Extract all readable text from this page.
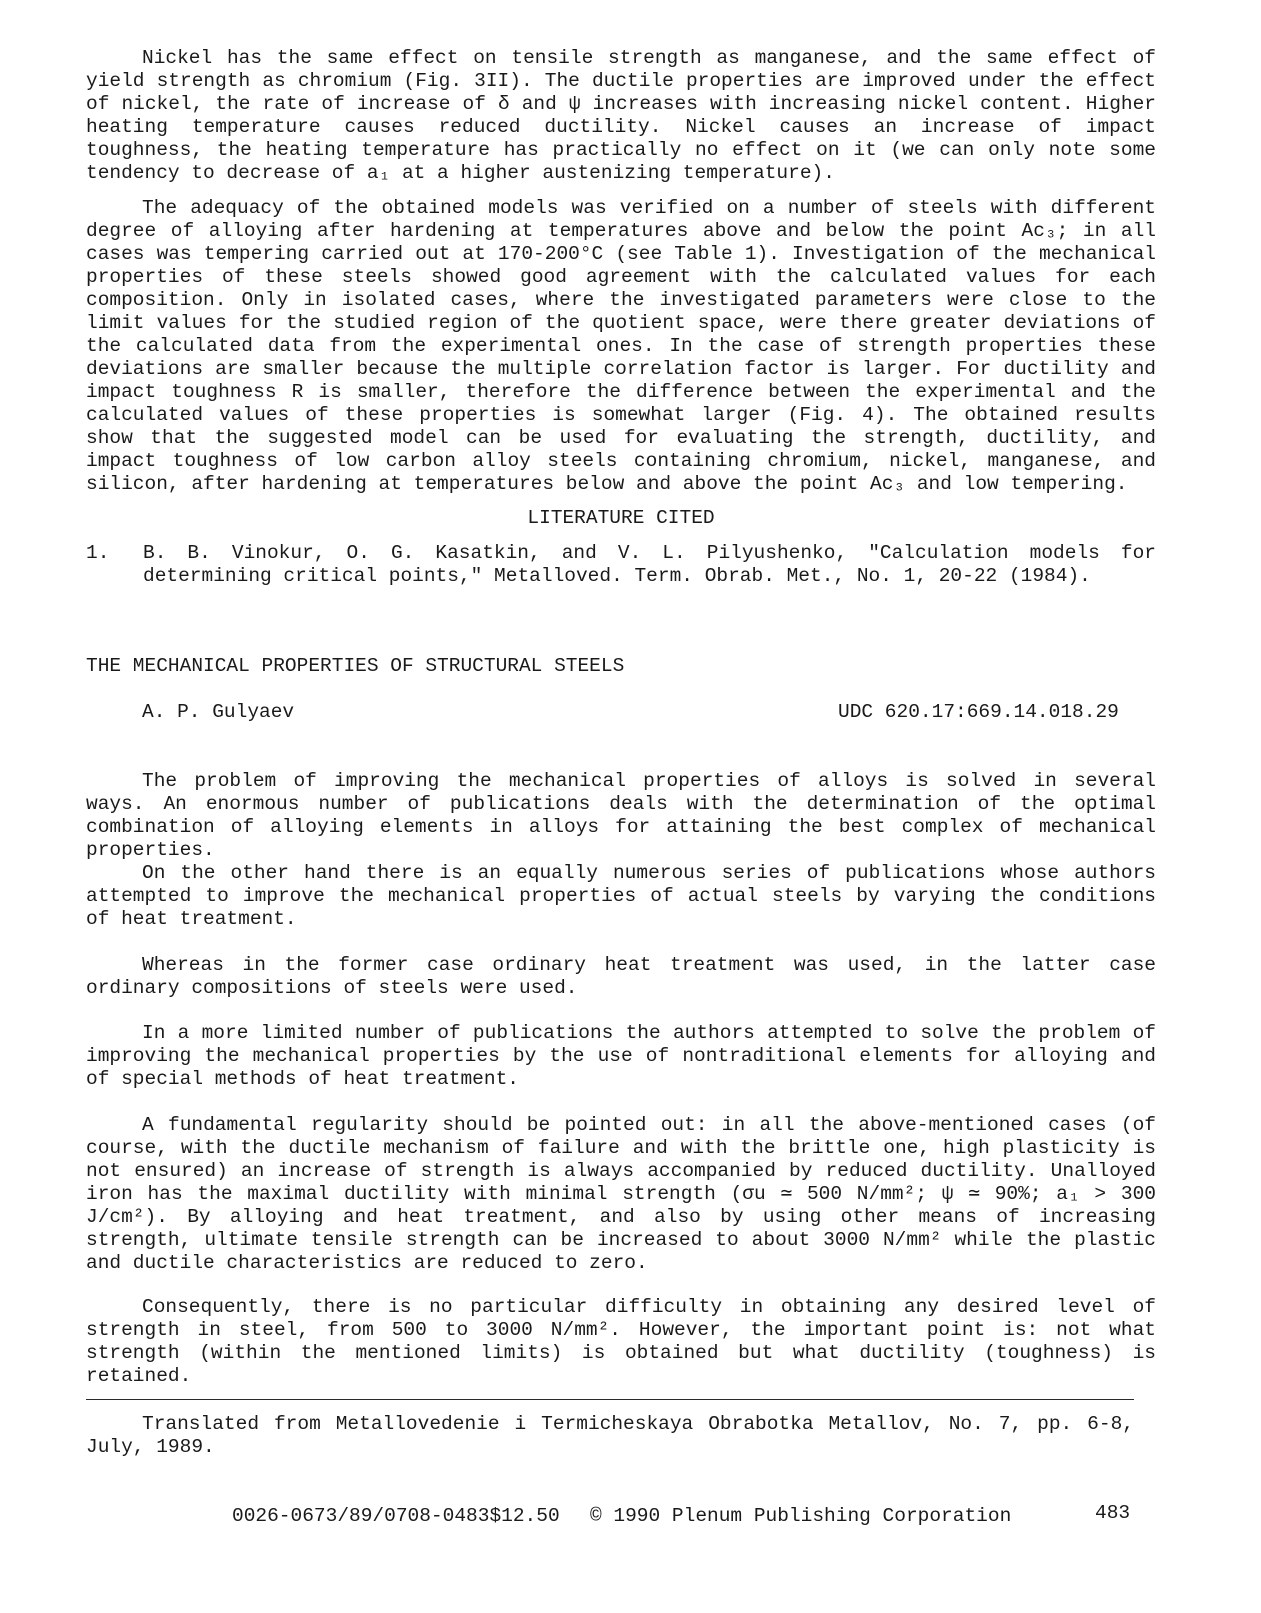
Nickel has the same effect on tensile strength as manganese, and the same effect of yield strength as chromium (Fig. 3II). The ductile properties are improved under the effect of nickel, the rate of increase of δ and ψ increases with increasing nickel content. Higher heating temperature causes reduced ductility. Nickel causes an increase of impact toughness, the heating temperature has practically no effect on it (we can only note some tendency to decrease of a₁ at a higher austenizing temperature).

The adequacy of the obtained models was verified on a number of steels with different degree of alloying after hardening at temperatures above and below the point Ac₃; in all cases was tempering carried out at 170-200°C (see Table 1). Investigation of the mechanical properties of these steels showed good agreement with the calculated values for each composition. Only in isolated cases, where the investigated parameters were close to the limit values for the studied region of the quotient space, were there greater deviations of the calculated data from the experimental ones. In the case of strength properties these deviations are smaller because the multiple correlation factor is larger. For ductility and impact toughness R is smaller, therefore the difference between the experimental and the calculated values of these properties is somewhat larger (Fig. 4). The obtained results show that the suggested model can be used for evaluating the strength, ductility, and impact toughness of low carbon alloy steels containing chromium, nickel, manganese, and silicon, after hardening at temperatures below and above the point Ac₃ and low tempering.

LITERATURE CITED
1. B. B. Vinokur, O. G. Kasatkin, and V. L. Pilyushenko, "Calculation models for determining critical points," Metalloved. Term. Obrab. Met., No. 1, 20-22 (1984).
THE MECHANICAL PROPERTIES OF STRUCTURAL STEELS
A. P. Gulyaev	UDC 620.17:669.14.018.29

The problem of improving the mechanical properties of alloys is solved in several ways. An enormous number of publications deals with the determination of the optimal combination of alloying elements in alloys for attaining the best complex of mechanical properties.

On the other hand there is an equally numerous series of publications whose authors attempted to improve the mechanical properties of actual steels by varying the conditions of heat treatment.

Whereas in the former case ordinary heat treatment was used, in the latter case ordinary compositions of steels were used.

In a more limited number of publications the authors attempted to solve the problem of improving the mechanical properties by the use of nontraditional elements for alloying and of special methods of heat treatment.

A fundamental regularity should be pointed out: in all the above-mentioned cases (of course, with the ductile mechanism of failure and with the brittle one, high plasticity is not ensured) an increase of strength is always accompanied by reduced ductility. Unalloyed iron has the maximal ductility with minimal strength (σu ≃ 500 N/mm²; ψ ≃ 90%; a₁ > 300 J/cm²). By alloying and heat treatment, and also by using other means of increasing strength, ultimate tensile strength can be increased to about 3000 N/mm² while the plastic and ductile characteristics are reduced to zero.

Consequently, there is no particular difficulty in obtaining any desired level of strength in steel, from 500 to 3000 N/mm². However, the important point is: not what strength (within the mentioned limits) is obtained but what ductility (toughness) is retained.

Translated from Metallovedenie i Termicheskaya Obrabotka Metallov, No. 7, pp. 6-8, July, 1989.

0026-0673/89/0708-0483$12.50 © 1990 Plenum Publishing Corporation	483
